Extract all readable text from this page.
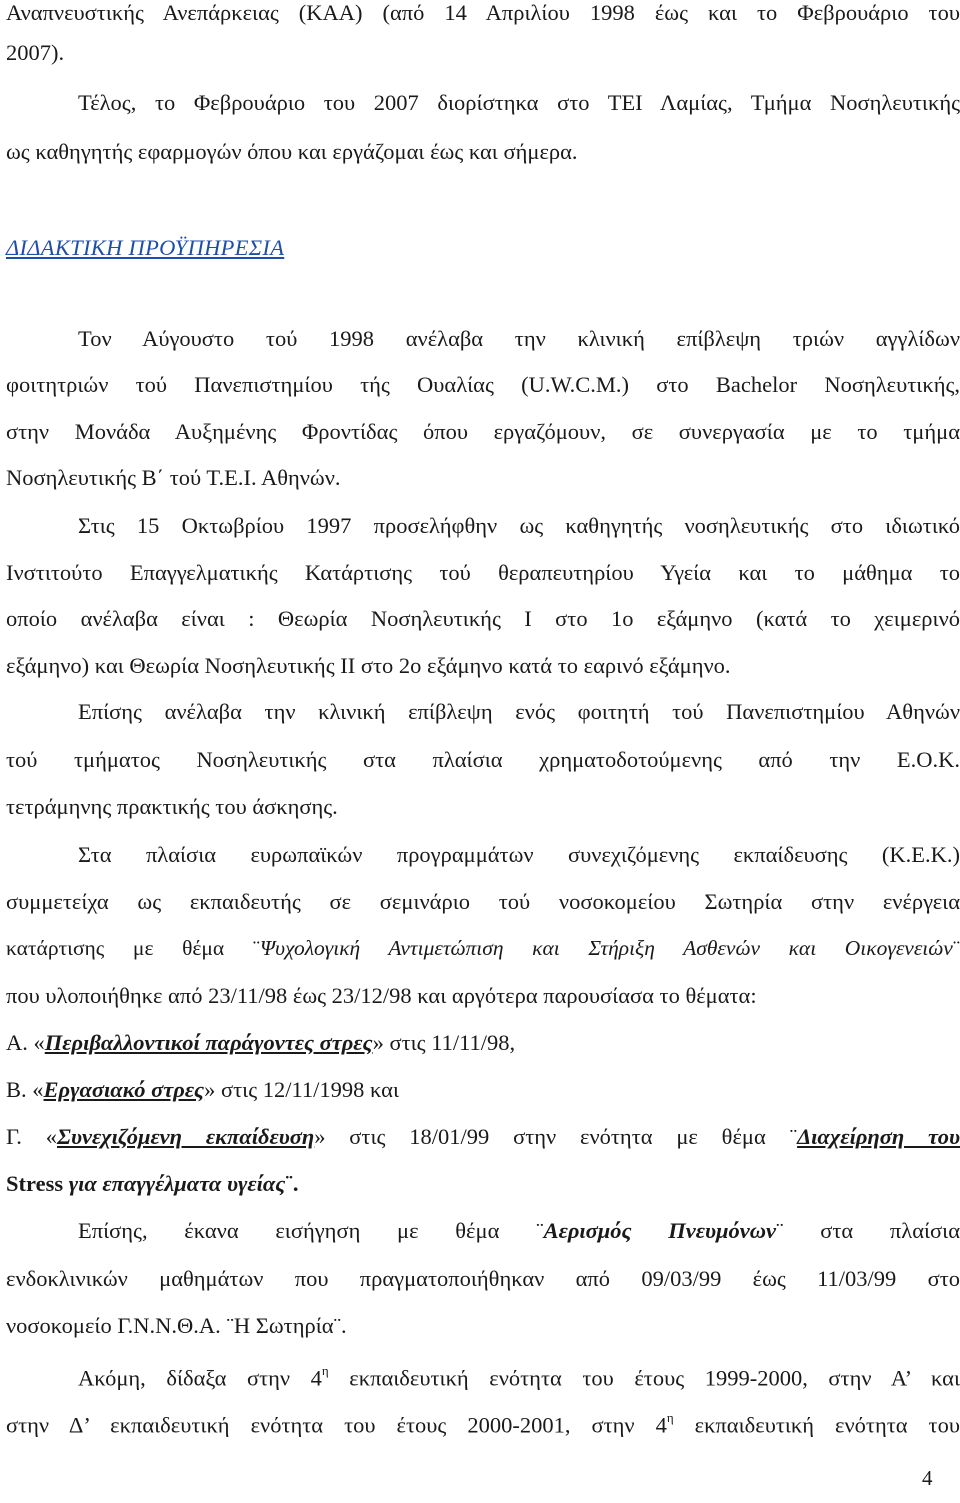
Αναπνευστικής Ανεπάρκειας (ΚΑΑ) (από 14 Απριλίου 1998 έως και το Φεβρουάριο του
2007).
Τέλος, το Φεβρουάριο του 2007 διορίστηκα στο ΤΕΙ Λαμίας, Τμήμα Νοσηλευτικής
ως καθηγητής εφαρμογών όπου και εργάζομαι έως και σήμερα.
ΔΙΔΑΚΤΙΚΗ ΠΡΟΫΠΗΡΕΣΙΑ
Τον Αύγουστο τού 1998 ανέλαβα την κλινική επίβλεψη τριών αγγλίδων
φοιτητριών τού Πανεπιστημίου τής Ουαλίας (U.W.C.M.) στο Bachelor Νοσηλευτικής,
στην Μονάδα Αυξημένης Φροντίδας όπου εργαζόμουν, σε συνεργασία με το τμήμα
Νοσηλευτικής Β΄ τού Τ.Ε.Ι. Αθηνών.
Στις 15 Οκτωβρίου 1997 προσελήφθην ως καθηγητής νοσηλευτικής στο ιδιωτικό
Ινστιτούτο Επαγγελματικής Κατάρτισης τού θεραπευτηρίου Υγεία και το μάθημα το
οποίο ανέλαβα είναι : Θεωρία Νοσηλευτικής Ι στο 1ο εξάμηνο (κατά το χειμερινό
εξάμηνο) και Θεωρία Νοσηλευτικής ΙΙ στο 2ο εξάμηνο κατά το εαρινό εξάμηνο.
Επίσης ανέλαβα την κλινική επίβλεψη ενός φοιτητή τού Πανεπιστημίου Αθηνών
τού τμήματος Νοσηλευτικής στα πλαίσια χρηματοδοτούμενης από την Ε.Ο.Κ.
τετράμηνης πρακτικής του άσκησης.
Στα πλαίσια ευρωπαϊκών προγραμμάτων συνεχιζόμενης εκπαίδευσης (Κ.Ε.Κ.)
συμμετείχα ως εκπαιδευτής σε σεμινάριο τού νοσοκομείου Σωτηρία στην ενέργεια
κατάρτισης με θέμα ¨Ψυχολογική Αντιμετώπιση και Στήριξη Ασθενών και Οικογενειών¨
που υλοποιήθηκε από 23/11/98 έως 23/12/98 και αργότερα παρουσίασα το θέματα:
Α. «Περιβαλλοντικοί παράγοντες στρες» στις 11/11/98,
Β. «Εργασιακό στρες» στις 12/11/1998 και
Γ. «Συνεχιζόμενη εκπαίδευση» στις 18/01/99 στην ενότητα με θέμα ¨Διαχείρηση του
Stress για επαγγέλματα υγείας¨.
Επίσης, έκανα εισήγηση με θέμα ¨Αερισμός Πνευμόνων¨ στα πλαίσια
ενδοκλινικών μαθημάτων που πραγματοποιήθηκαν από 09/03/99 έως 11/03/99 στο
νοσοκομείο Γ.Ν.Ν.Θ.Α. ¨Η Σωτηρία¨.
Ακόμη, δίδαξα στην $4^\eta$ εκπαιδευτική ενότητα του έτους 1999-2000, στην Α’ και
στην Δ’ εκπαιδευτική ενότητα του έτους 2000-2001, στην $4^\eta$ εκπαιδευτική ενότητα του
4
